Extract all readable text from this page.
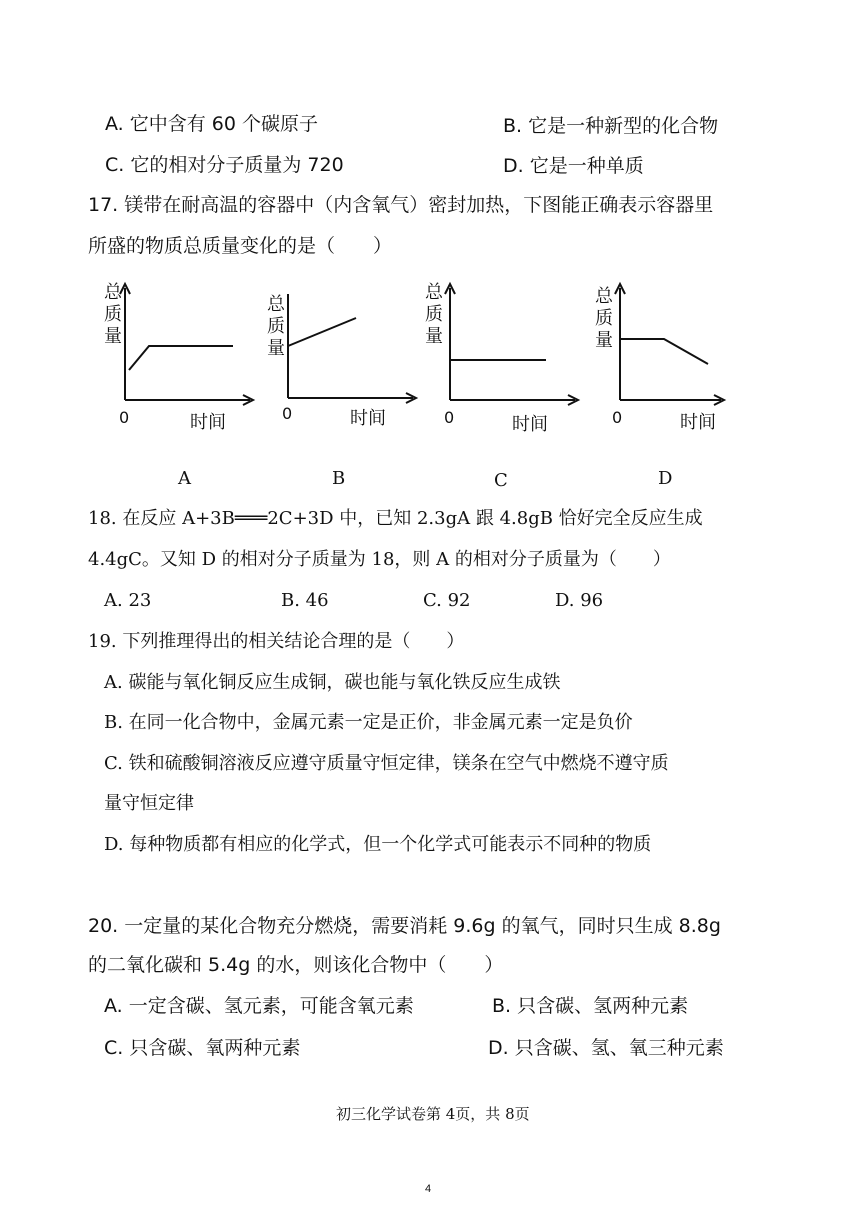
A. 它中含有 60 个碳原子	B. 它是一种新型的化合物
C. 它的相对分子质量为 720	D. 它是一种单质
17. 镁带在耐高温的容器中（内含氧气）密封加热，下图能正确表示容器里
所盛的物质总质量变化的是（　　）
总质量
0	时间
A
总质量
0	时间
B
总质量
0	时间
C
总质量
0	时间
D
18. 在反应 A+3B═══2C+3D 中，已知 2.3gA 跟 4.8gB 恰好完全反应生成
4.4gC。又知 D 的相对分子质量为 18，则 A 的相对分子质量为（　　）
A. 23	B. 46	C. 92	D. 96
19. 下列推理得出的相关结论合理的是（　　）
A. 碳能与氧化铜反应生成铜，碳也能与氧化铁反应生成铁
B. 在同一化合物中，金属元素一定是正价，非金属元素一定是负价
C. 铁和硫酸铜溶液反应遵守质量守恒定律，镁条在空气中燃烧不遵守质
量守恒定律
D. 每种物质都有相应的化学式，但一个化学式可能表示不同种的物质
20. 一定量的某化合物充分燃烧，需要消耗 9.6g 的氧气，同时只生成 8.8g
的二氧化碳和 5.4g 的水，则该化合物中（　　）
A. 一定含碳、氢元素，可能含氧元素	B. 只含碳、氢两种元素
C. 只含碳、氧两种元素	D. 只含碳、氢、氧三种元素
初三化学试卷第 4页，共 8页
4
